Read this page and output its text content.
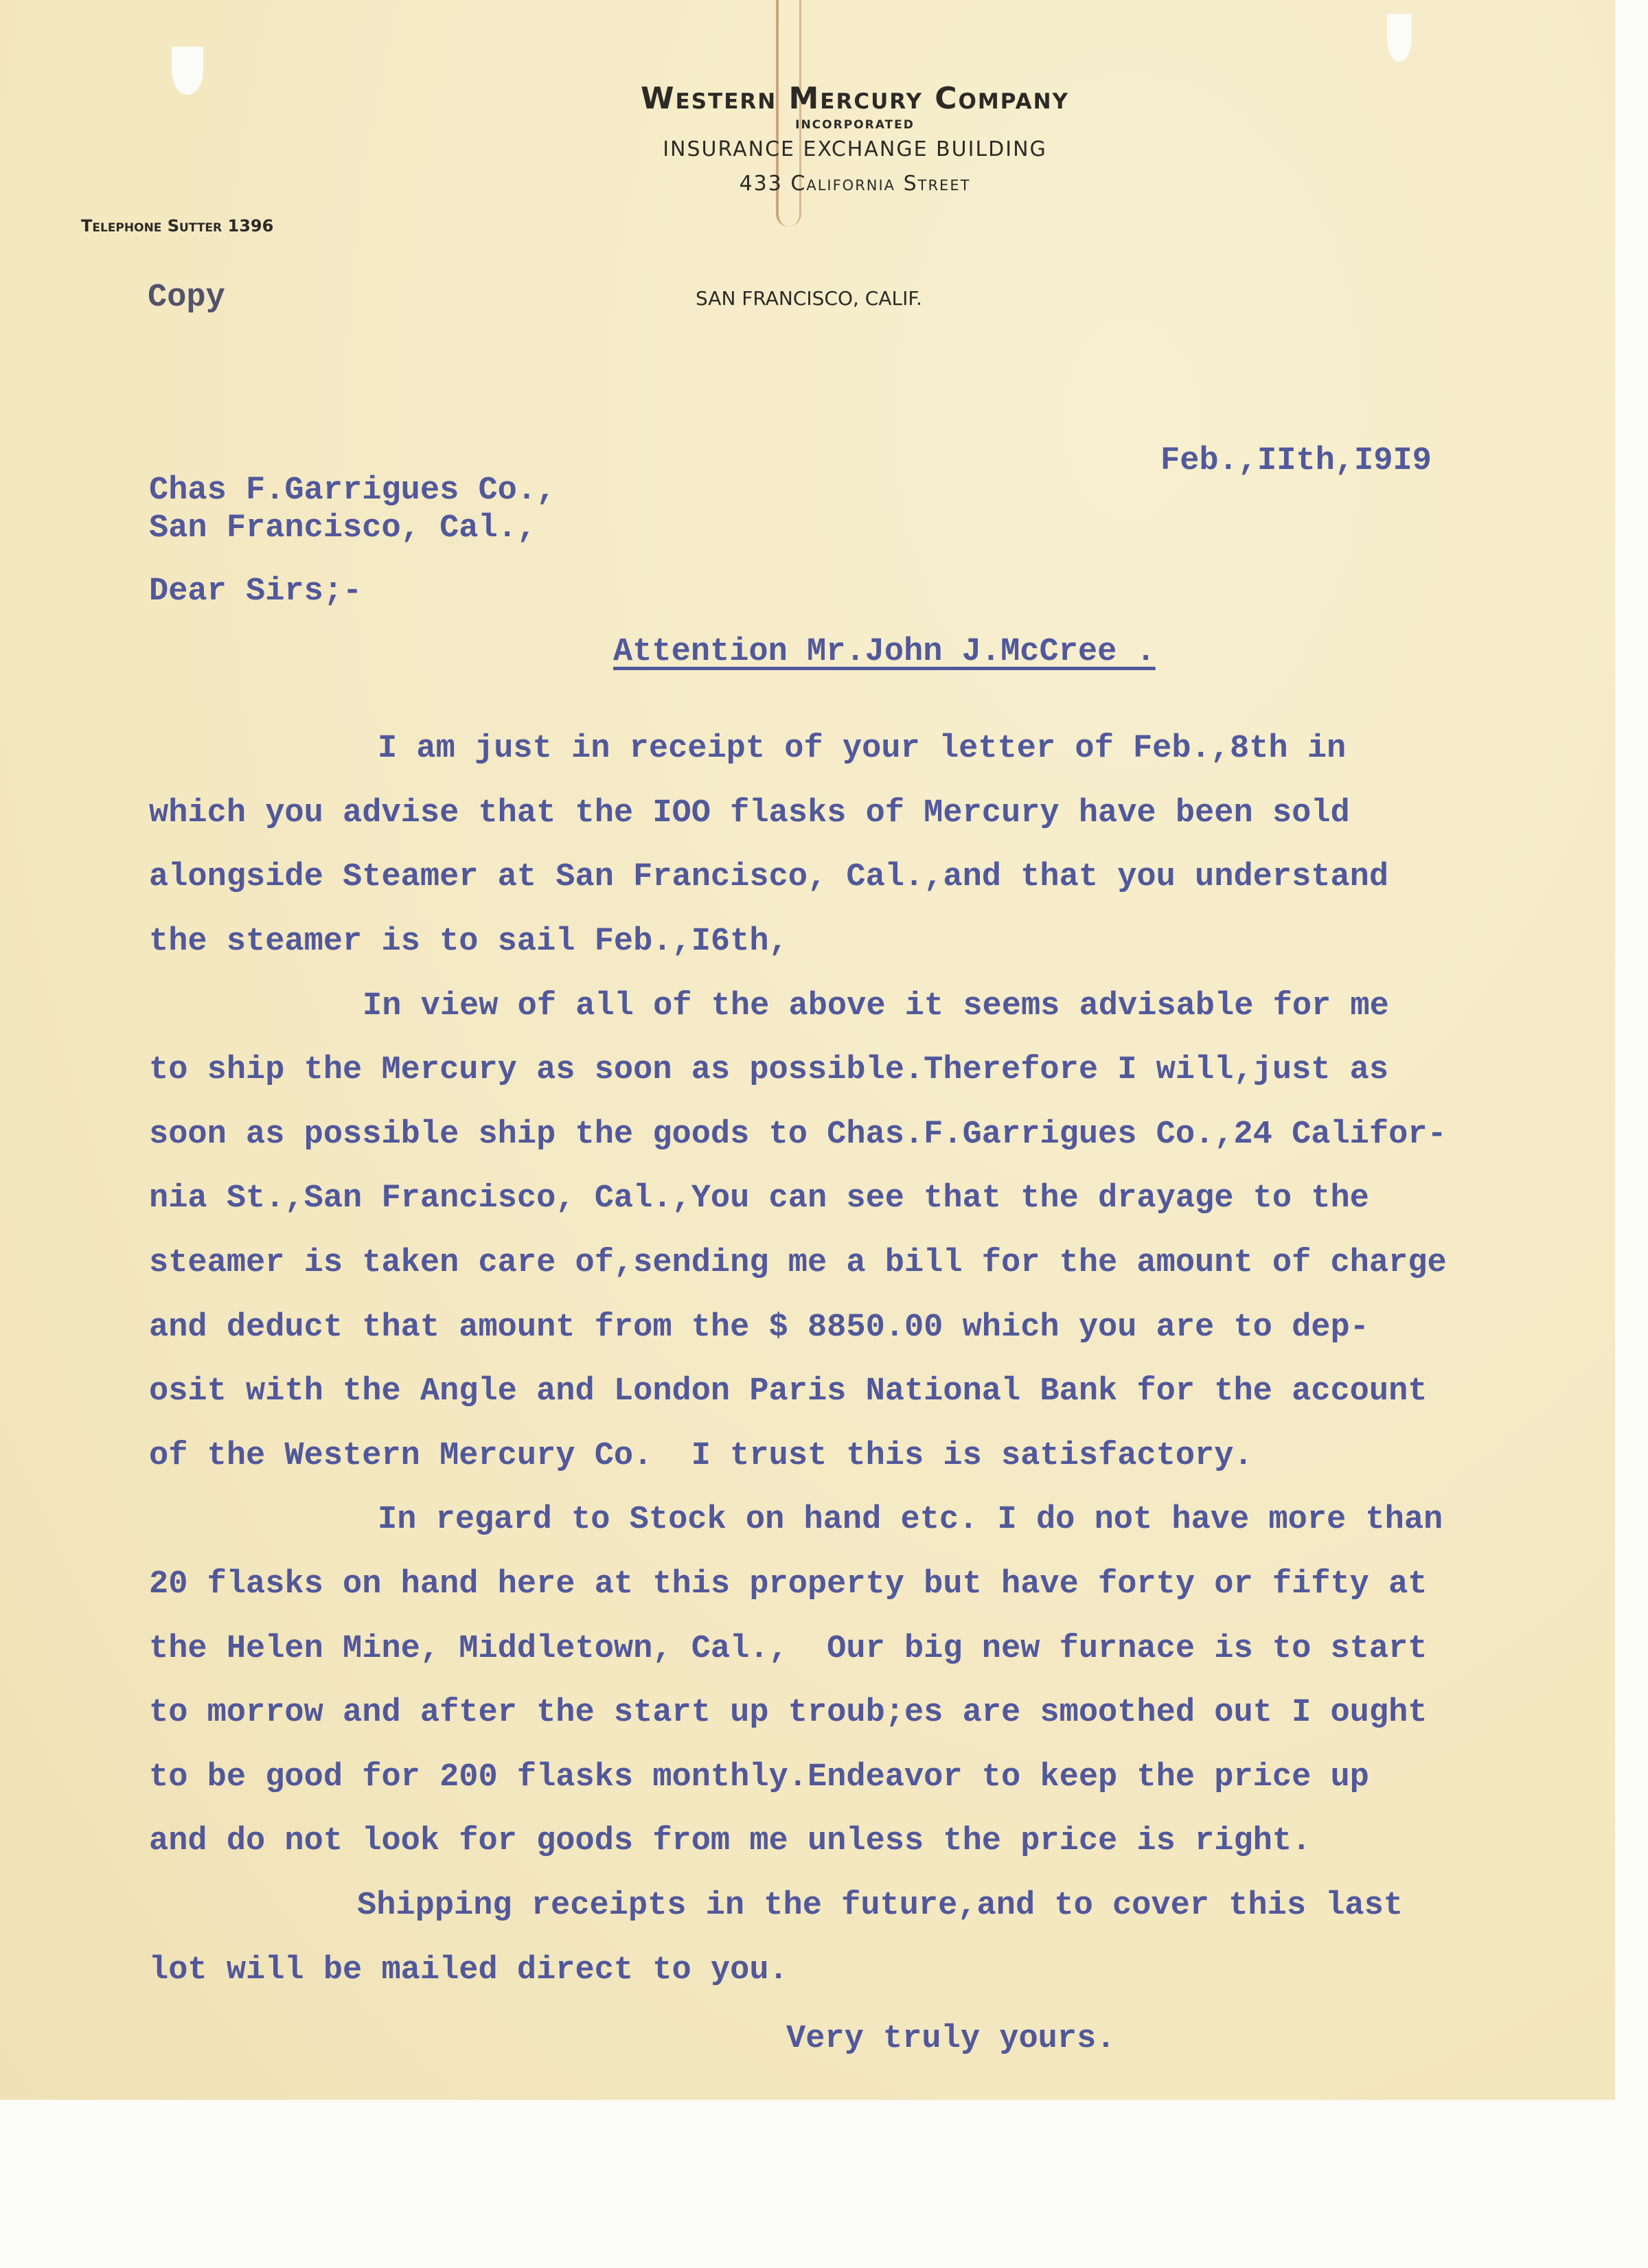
Western Mercury Company
INCORPORATED
INSURANCE EXCHANGE BUILDING
433 California Street
Telephone Sutter 1396
SAN FRANCISCO, CALIF.
Copy
Feb.,IIth,I9I9
Chas F.Garrigues Co.,
San Francisco, Cal.,
Dear Sirs;-
Attention Mr.John J.McCree .
I am just in receipt of your letter of Feb.,8th in
which you advise that the IOO flasks of Mercury have been sold
alongside Steamer at San Francisco, Cal.,and that you understand
the steamer is to sail Feb.,I6th,
In view of all of the above it seems advisable for me
to ship the Mercury as soon as possible.Therefore I will,just as
soon as possible ship the goods to Chas.F.Garrigues Co.,24 Califor-
nia St.,San Francisco, Cal.,You can see that the drayage to the
steamer is taken care of,sending me a bill for the amount of charge
and deduct that amount from the $ 8850.00 which you are to dep-
osit with the Angle and London Paris National Bank for the account
of the Western Mercury Co.  I trust this is satisfactory.
In regard to Stock on hand etc. I do not have more than
20 flasks on hand here at this property but have forty or fifty at
the Helen Mine, Middletown, Cal.,  Our big new furnace is to start
to morrow and after the start up troub;es are smoothed out I ought
to be good for 200 flasks monthly.Endeavor to keep the price up
and do not look for goods from me unless the price is right.
Shipping receipts in the future,and to cover this last
lot will be mailed direct to you.
Very truly yours.
